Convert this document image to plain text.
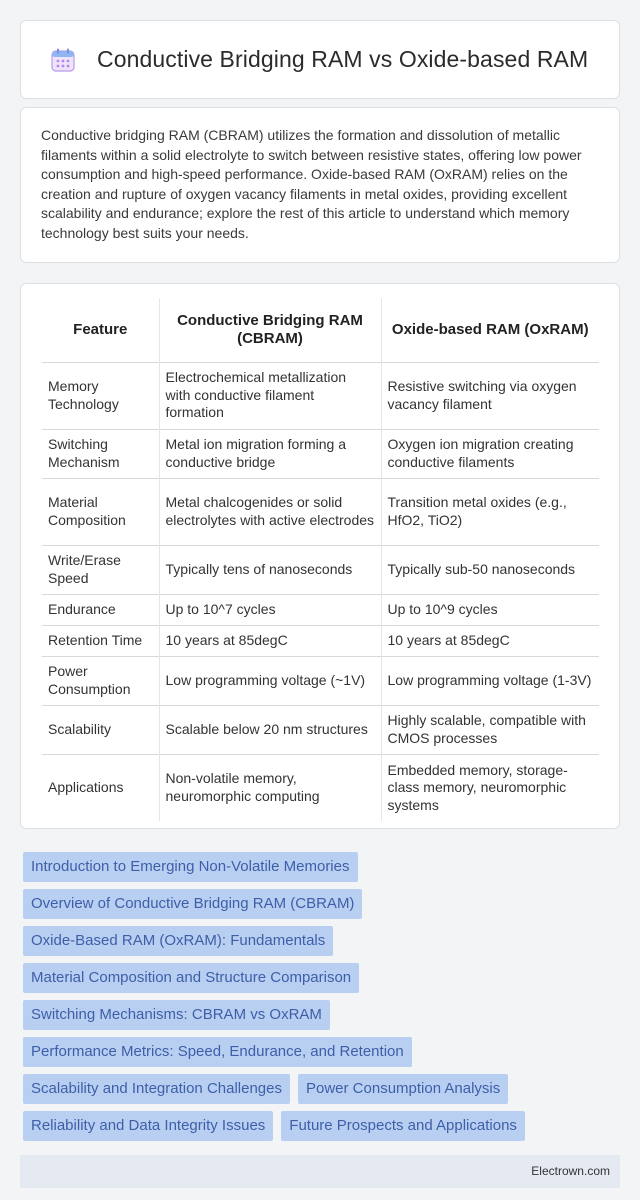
Conductive Bridging RAM vs Oxide-based RAM

Conductive bridging RAM (CBRAM) utilizes the formation and dissolution of metallic filaments within a solid electrolyte to switch between resistive states, offering low power consumption and high-speed performance. Oxide-based RAM (OxRAM) relies on the creation and rupture of oxygen vacancy filaments in metal oxides, providing excellent scalability and endurance; explore the rest of this article to understand which memory technology best suits your needs.

Feature	Conductive Bridging RAM (CBRAM)	Oxide-based RAM (OxRAM)
Memory Technology	Electrochemical metallization with conductive filament formation	Resistive switching via oxygen vacancy filament
Switching Mechanism	Metal ion migration forming a conductive bridge	Oxygen ion migration creating conductive filaments
Material Composition	Metal chalcogenides or solid electrolytes with active electrodes	Transition metal oxides (e.g., HfO2, TiO2)
Write/Erase Speed	Typically tens of nanoseconds	Typically sub-50 nanoseconds
Endurance	Up to 10^7 cycles	Up to 10^9 cycles
Retention Time	10 years at 85degC	10 years at 85degC
Power Consumption	Low programming voltage (~1V)	Low programming voltage (1-3V)
Scalability	Scalable below 20 nm structures	Highly scalable, compatible with CMOS processes
Applications	Non-volatile memory, neuromorphic computing	Embedded memory, storage-class memory, neuromorphic systems
Introduction to Emerging Non-Volatile Memories
Overview of Conductive Bridging RAM (CBRAM)
Oxide-Based RAM (OxRAM): Fundamentals
Material Composition and Structure Comparison
Switching Mechanisms: CBRAM vs OxRAM
Performance Metrics: Speed, Endurance, and Retention
Scalability and Integration Challenges	Power Consumption Analysis
Reliability and Data Integrity Issues	Future Prospects and Applications
Electrown.com
